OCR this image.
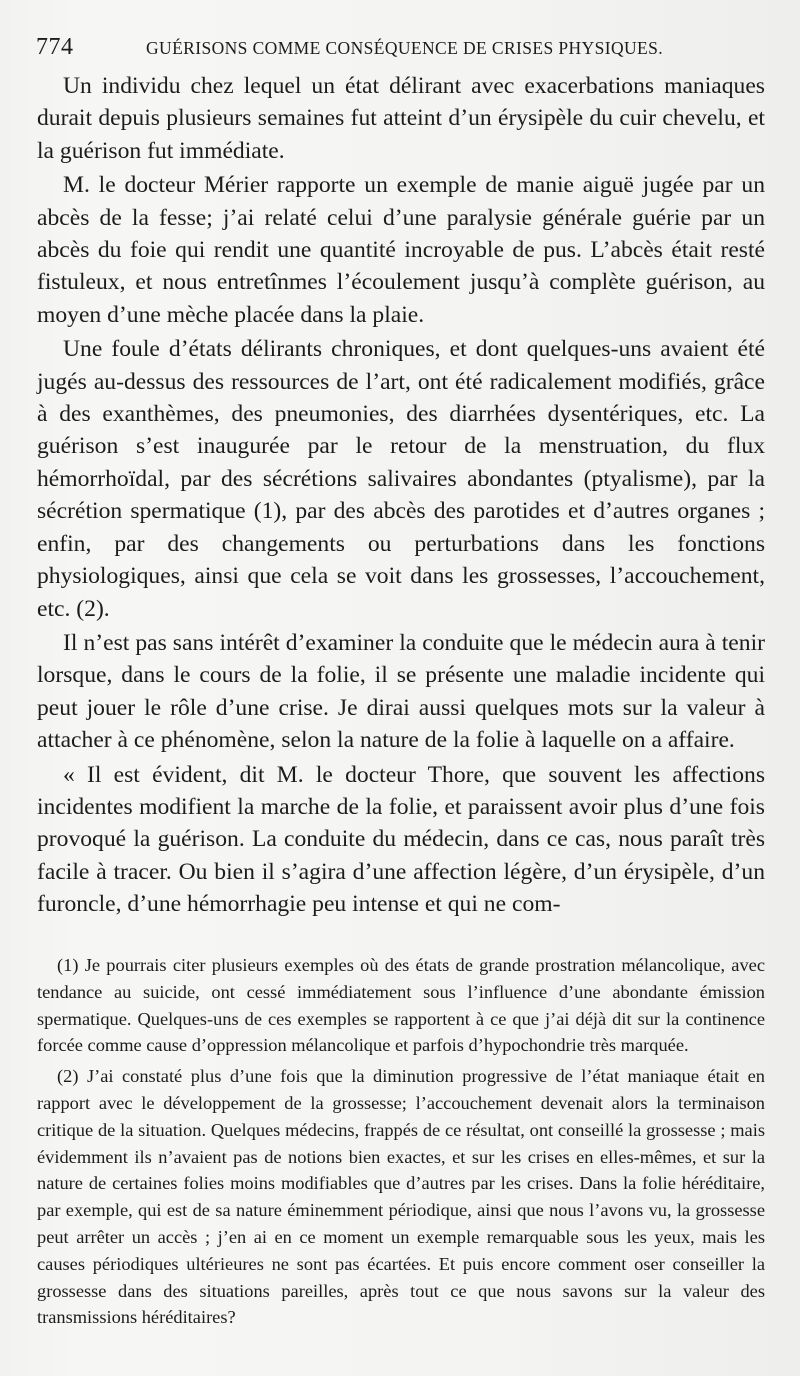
774	GUÉRISONS COMME CONSÉQUENCE DE CRISES PHYSIQUES.

Un individu chez lequel un état délirant avec exacerbations maniaques durait depuis plusieurs semaines fut atteint d’un érysipèle du cuir chevelu, et la guérison fut immédiate.

M. le docteur Mérier rapporte un exemple de manie aiguë jugée par un abcès de la fesse; j’ai relaté celui d’une paralysie générale guérie par un abcès du foie qui rendit une quantité incroyable de pus. L’abcès était resté fistuleux, et nous entretînmes l’écoulement jusqu’à complète guérison, au moyen d’une mèche placée dans la plaie.

Une foule d’états délirants chroniques, et dont quelques-uns avaient été jugés au-dessus des ressources de l’art, ont été radicalement modifiés, grâce à des exanthèmes, des pneumonies, des diarrhées dysentériques, etc. La guérison s’est inaugurée par le retour de la menstruation, du flux hémorrhoïdal, par des sécrétions salivaires abondantes (ptyalisme), par la sécrétion spermatique (1), par des abcès des parotides et d’autres organes ; enfin, par des changements ou perturbations dans les fonctions physiologiques, ainsi que cela se voit dans les grossesses, l’accouchement, etc. (2).

Il n’est pas sans intérêt d’examiner la conduite que le médecin aura à tenir lorsque, dans le cours de la folie, il se présente une maladie incidente qui peut jouer le rôle d’une crise. Je dirai aussi quelques mots sur la valeur à attacher à ce phénomène, selon la nature de la folie à laquelle on a affaire.

« Il est évident, dit M. le docteur Thore, que souvent les affections incidentes modifient la marche de la folie, et paraissent avoir plus d’une fois provoqué la guérison. La conduite du médecin, dans ce cas, nous paraît très facile à tracer. Ou bien il s’agira d’une affection légère, d’un érysipèle, d’un furoncle, d’une hémorrhagie peu intense et qui ne com-

(1) Je pourrais citer plusieurs exemples où des états de grande prostration mélancolique, avec tendance au suicide, ont cessé immédiatement sous l’influence d’une abondante émission spermatique. Quelques-uns de ces exemples se rapportent à ce que j’ai déjà dit sur la continence forcée comme cause d’oppression mélancolique et parfois d’hypochondrie très marquée.

(2) J’ai constaté plus d’une fois que la diminution progressive de l’état maniaque était en rapport avec le développement de la grossesse; l’accouchement devenait alors la terminaison critique de la situation. Quelques médecins, frappés de ce résultat, ont conseillé la grossesse ; mais évidemment ils n’avaient pas de notions bien exactes, et sur les crises en elles-mêmes, et sur la nature de certaines folies moins modifiables que d’autres par les crises. Dans la folie héréditaire, par exemple, qui est de sa nature éminemment périodique, ainsi que nous l’avons vu, la grossesse peut arrêter un accès ; j’en ai en ce moment un exemple remarquable sous les yeux, mais les causes périodiques ultérieures ne sont pas écartées. Et puis encore comment oser conseiller la grossesse dans des situations pareilles, après tout ce que nous savons sur la valeur des transmissions héréditaires?
